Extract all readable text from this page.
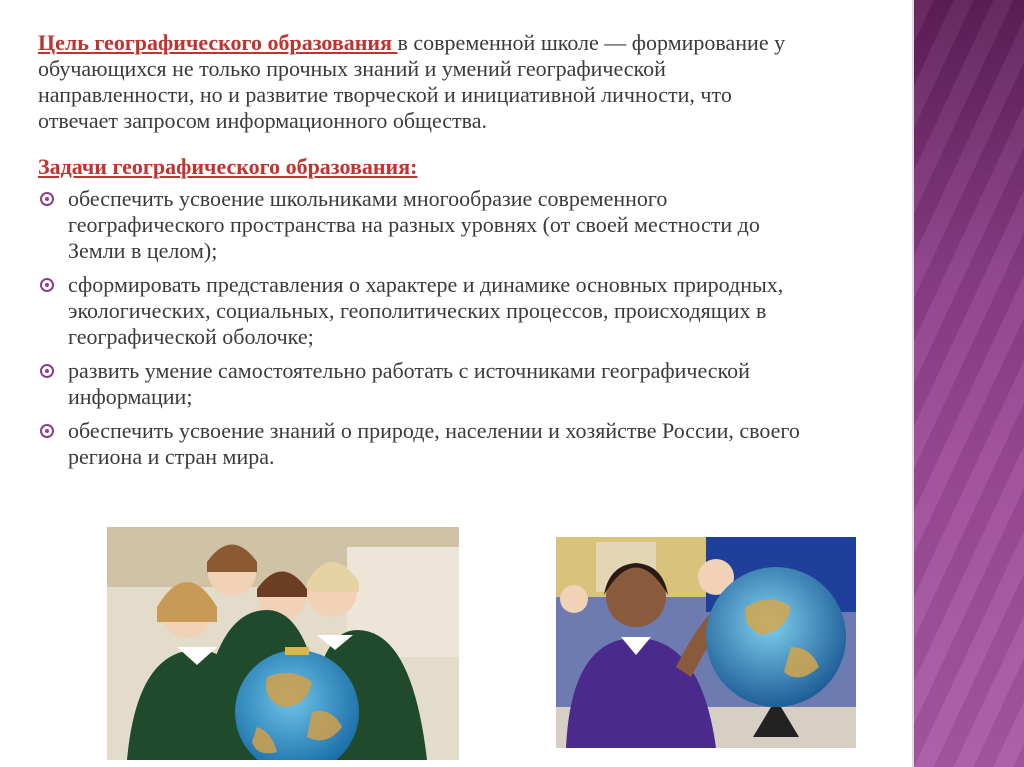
Цель географического образования в современной школе — формирование у обучающихся не только прочных знаний и умений географической направленности, но и развитие творческой и инициативной личности, что отвечает запросом информационного общества.

Задачи географического образования:

обеспечить усвоение школьниками многообразие современного географического пространства на разных уровнях (от своей местности до Земли в целом);
сформировать представления о характере и динамике основных природных, экологических, социальных, геополитических процессов, происходящих в географической оболочке;
развить умение самостоятельно работать с источниками географической информации;
обеспечить усвоение знаний о природе, населении и хозяйстве России, своего региона и стран мира.
